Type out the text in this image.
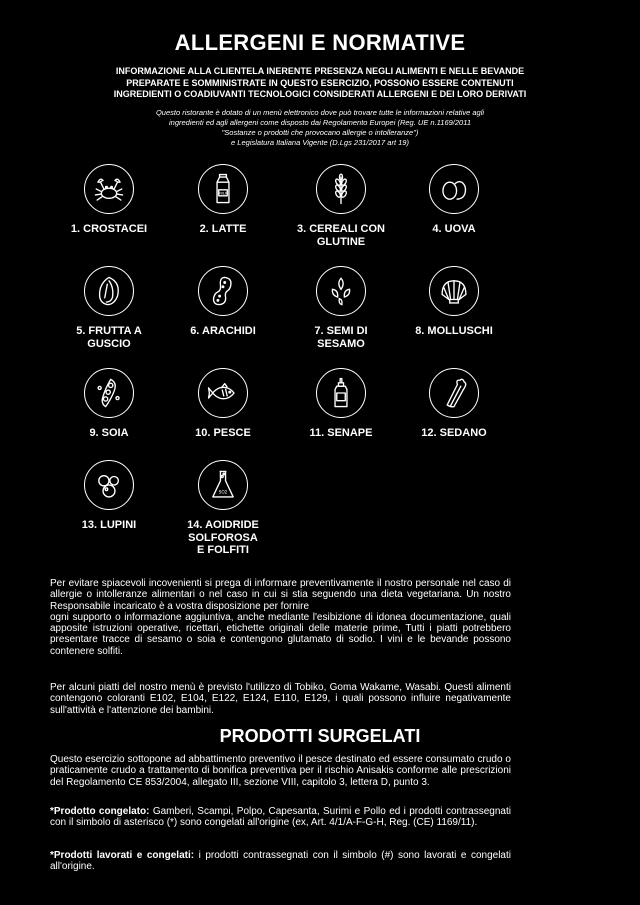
ALLERGENI E NORMATIVE
INFORMAZIONE ALLA CLIENTELA INERENTE PRESENZA NEGLI ALIMENTI E NELLE BEVANDE
PREPARATE E SOMMINISTRATE IN QUESTO ESERCIZIO, POSSONO ESSERE CONTENUTI
INGREDIENTI O COADIUVANTI TECNOLOGICI CONSIDERATI ALLERGENI E DEI LORO DERIVATI
Questo ristorante è dotato di un menù elettronico dove può trovare tutte le informazioni relative agli
ingredienti ed agli allergeni come disposto dai Regolamento Europei (Reg. UE n.1169/2011
"Sostanze o prodotti che provocano allergie o intolleranze")
e Legislatura Italiana Vigente (D.Lgs 231/2017 art 19)
1. CROSTACEI
MILK
2. LATTE	3. CEREALI CON
GLUTINE
4. UOVA
5. FRUTTA A
GUSCIO
6. ARACHIDI	7. SEMI DI
SESAMO
8. MOLLUSCHI
9. SOIA	10. PESCE	11. SENAPE	12. SEDANO
13. LUPINI
SO2
14. AOIDRIDE
SOLFOROSA
E FOLFITI

Per evitare spiacevoli incovenienti si prega di informare preventivamente il nostro personale nel caso di allergie o intolleranze alimentari o nel caso in cui si stia seguendo una dieta vegetariana. Un nostro Responsabile incaricato è a vostra disposizione per fornire
ogni supporto o informazione aggiuntiva, anche mediante l'esibizione di idonea documentazione, quali apposite istruzioni operative, ricettari, etichette originali delle materie prime, Tutti i piatti potrebbero presentare tracce di sesamo o soia e contengono glutamato di sodio. I vini e le bevande possono contenere solfiti.

Per alcuni piatti del nostro menù è previsto l'utilizzo di Tobiko, Goma Wakame, Wasabi. Questi alimenti contengono coloranti E102, E104, E122, E124, E110, E129, i quali possono influire negativamente sull'attività e l'attenzione dei bambini.

PRODOTTI SURGELATI

Questo esercizio sottopone ad abbattimento preventivo il pesce destinato ed essere consumato crudo o praticamente crudo a trattamento di bonifica preventiva per il rischio Anisakis conforme alle prescrizioni del Regolamento CE 853/2004, allegato III, sezione VIII, capitolo 3, lettera D, punto 3.

*Prodotto congelato: Gamberi, Scampi, Polpo, Capesanta, Surimi e Pollo ed i prodotti contrassegnati con il simbolo di asterisco (*) sono congelati all'origine (ex, Art. 4/1/A-F-G-H, Reg. (CE) 1169/11).

*Prodotti lavorati e congelati: i prodotti contrassegnati con il simbolo (#) sono lavorati e congelati all'origine.
